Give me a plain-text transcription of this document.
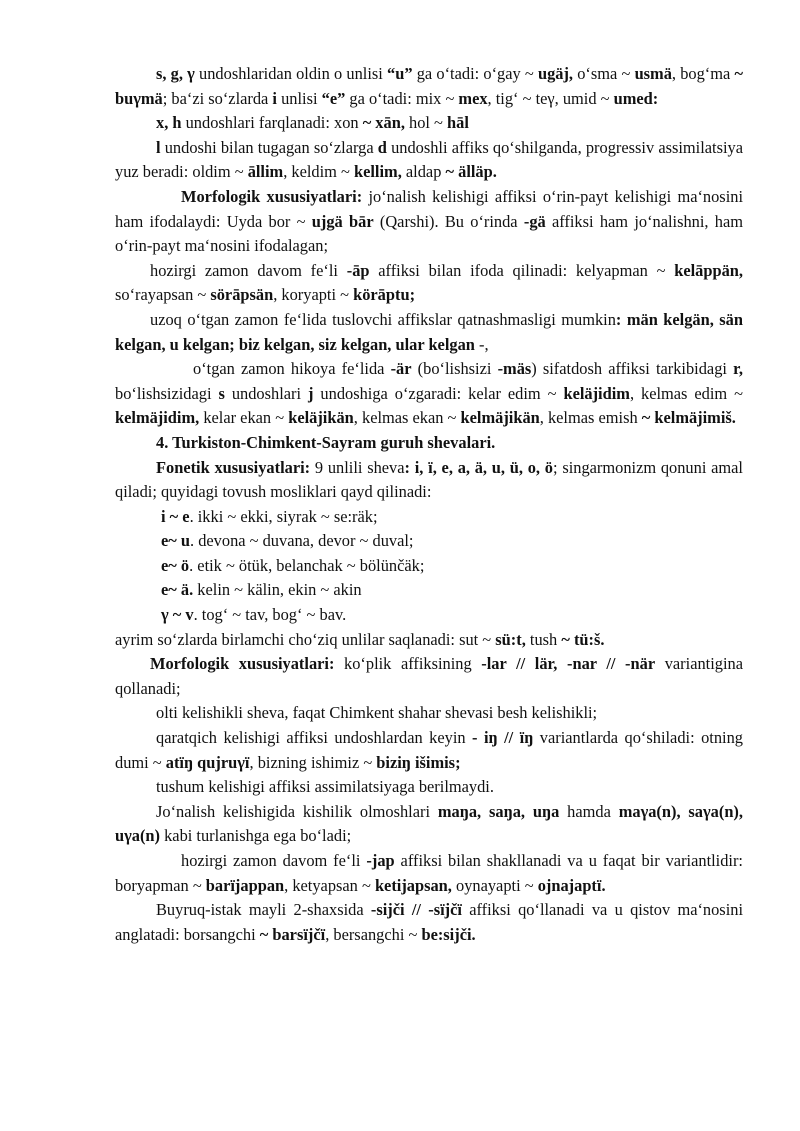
s, g, γ undoshlaridan oldin o unlisi “u” ga o‘tadi: o‘gay ~ ugäj, o‘sma ~ usmä, bog‘ma ~ buγmä; ba‘zi so‘zlarda i unlisi “e” ga o‘tadi: mix ~ mex, tig‘ ~ teγ, umid ~ umed:

x, h undoshlari farqlanadi: xon ~ xān, hol ~ hāl

l undoshi bilan tugagan so‘zlarga d undoshli affiks qo‘shilganda, progressiv assimilatsiya yuz beradi: oldim ~ āllim, keldim ~ kellim, aldap ~ älläp.

Morfologik xususiyatlari: jo‘nalish kelishigi affiksi o‘rin-payt kelishigi ma‘nosini ham ifodalaydi: Uyda bor ~ ujgä bār (Qarshi). Bu o‘rinda -gä affiksi ham jo‘nalishni, ham o‘rin-payt ma‘nosini ifodalagan;

hozirgi zamon davom fe‘li -āp affiksi bilan ifoda qilinadi: kelyapman ~ kelāppän, so‘rayapsan ~ sörāpsän, koryapti ~ körāptu;

uzoq o‘tgan zamon fe‘lida tuslovchi affikslar qatnashmasligi mumkin: män kelgän, sän kelgan, u kelgan; biz kelgan, siz kelgan, ular kelgan -,

o‘tgan zamon hikoya fe‘lida -är (bo‘lishsizi -mäs) sifatdosh affiksi tarkibidagi r, bo‘lishsizidagi s undoshlari j undoshiga o‘zgaradi: kelar edim ~ keläjidim, kelmas edim ~ kelmäjidim, kelar ekan ~ keläjikän, kelmas ekan ~ kelmäjikän, kelmas emish ~ kelmäjimiš.

4. Turkiston-Chimkent-Sayram guruh shevalari.

Fonetik xususiyatlari: 9 unlili sheva: i, ï, e, a, ä, u, ü, o, ö; singarmonizm qonuni amal qiladi; quyidagi tovush mosliklari qayd qilinadi:

i ~ e. ikki ~ ekki, siyrak ~ se:räk;

e~ u. devona ~ duvana, devor ~ duval;

e~ ö. etik ~ ötük, belanchak ~ bölünčäk;

e~ ä. kelin ~ kälin, ekin ~ akin

γ ~ v. tog‘ ~ tav, bog‘ ~ bav.

ayrim so‘zlarda birlamchi cho‘ziq unlilar saqlanadi: sut ~ sü:t, tush ~ tü:š.

Morfologik xususiyatlari: ko‘plik affiksining -lar // lär, -nar // -när variantigina qollanadi;

olti kelishikli sheva, faqat Chimkent shahar shevasi besh kelishikli;

qaratqich kelishigi affiksi undoshlardan keyin - iŋ // ïŋ variantlarda qo‘shiladi: otning dumi ~ atïŋ qujruγï, bizning ishimiz ~ biziŋ išimis;

tushum kelishigi affiksi assimilatsiyaga berilmaydi.

Jo‘nalish kelishigida kishilik olmoshlari maŋa, saŋa, uŋa hamda maγa(n), saγa(n), uγa(n) kabi turlanishga ega bo‘ladi;

hozirgi zamon davom fe‘li -jap affiksi bilan shakllanadi va u faqat bir variantlidir: boryapman ~ barïjappan, ketyapsan ~ ketijapsan, oynayapti ~ ojnajaptï.

Buyruq-istak mayli 2-shaxsida -sijči // -sïjčï affiksi qo‘llanadi va u qistov ma‘nosini anglatadi: borsangchi ~ barsïjčï, bersangchi ~ be:sijči.
